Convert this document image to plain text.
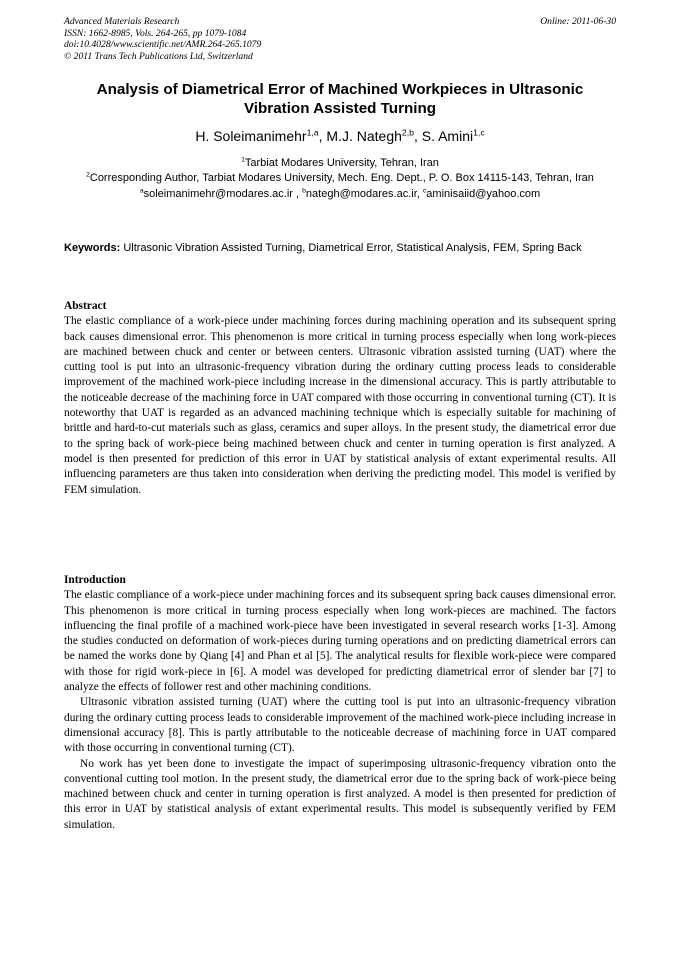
Advanced Materials Research
ISSN: 1662-8985, Vols. 264-265, pp 1079-1084
doi:10.4028/www.scientific.net/AMR.264-265.1079
© 2011 Trans Tech Publications Ltd, Switzerland
Online: 2011-06-30
Analysis of Diametrical Error of Machined Workpieces in Ultrasonic Vibration Assisted Turning
H. Soleimanimehr$^{1,a}$, M.J. Nategh$^{2,b}$, S. Amini$^{1,c}$
$^1$Tarbiat Modares University, Tehran, Iran
$^2$Corresponding Author, Tarbiat Modares University, Mech. Eng. Dept., P. O. Box 14115-143, Tehran, Iran
$^a$soleimanimehr@modares.ac.ir , $^b$nategh@modares.ac.ir, $^c$aminisaiid@yahoo.com
Keywords: Ultrasonic Vibration Assisted Turning, Diametrical Error, Statistical Analysis, FEM, Spring Back
Abstract

The elastic compliance of a work-piece under machining forces during machining operation and its subsequent spring back causes dimensional error. This phenomenon is more critical in turning process especially when long work-pieces are machined between chuck and center or between centers. Ultrasonic vibration assisted turning (UAT) where the cutting tool is put into an ultrasonic-frequency vibration during the ordinary cutting process leads to considerable improvement of the machined work-piece including increase in the dimensional accuracy. This is partly attributable to the noticeable decrease of the machining force in UAT compared with those occurring in conventional turning (CT). It is noteworthy that UAT is regarded as an advanced machining technique which is especially suitable for machining of brittle and hard-to-cut materials such as glass, ceramics and super alloys. In the present study, the diametrical error due to the spring back of work-piece being machined between chuck and center in turning operation is first analyzed. A model is then presented for prediction of this error in UAT by statistical analysis of extant experimental results. All influencing parameters are thus taken into consideration when deriving the predicting model. This model is verified by FEM simulation.

Introduction

The elastic compliance of a work-piece under machining forces and its subsequent spring back causes dimensional error. This phenomenon is more critical in turning process especially when long work-pieces are machined. The factors influencing the final profile of a machined work-piece have been investigated in several research works [1-3]. Among the studies conducted on deformation of work-pieces during turning operations and on predicting diametrical errors can be named the works done by Qiang [4] and Phan et al [5]. The analytical results for flexible work-piece were compared with those for rigid work-piece in [6]. A model was developed for predicting diametrical error of slender bar [7] to analyze the effects of follower rest and other machining conditions.

Ultrasonic vibration assisted turning (UAT) where the cutting tool is put into an ultrasonic-frequency vibration during the ordinary cutting process leads to considerable improvement of the machined work-piece including increase in dimensional accuracy [8]. This is partly attributable to the noticeable decrease of machining force in UAT compared with those occurring in conventional turning (CT).

No work has yet been done to investigate the impact of superimposing ultrasonic-frequency vibration onto the conventional cutting tool motion. In the present study, the diametrical error due to the spring back of work-piece being machined between chuck and center in turning operation is first analyzed. A model is then presented for prediction of this error in UAT by statistical analysis of extant experimental results. This model is subsequently verified by FEM simulation.
